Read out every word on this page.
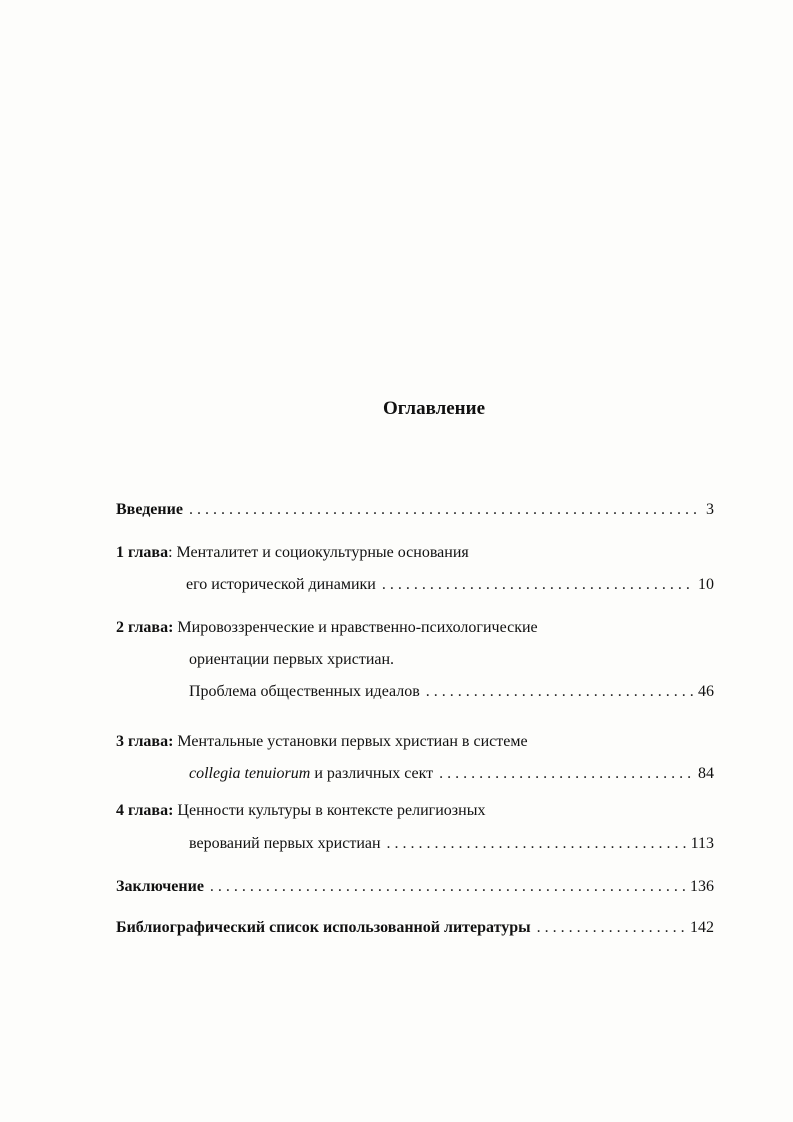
Оглавление
Введение . . .	3
1 глава : Менталитет и социокультурные основания
его исторической динамики . . .	10
2 глава: Мировоззренческие и нравственно-психологические
ориентации первых христиан.
Проблема общественных идеалов . . .	46
3 глава: Ментальные установки первых христиан в системе
collegia tenuiorum и различных сект . . .	84
4 глава: Ценности культуры в контексте религиозных
верований первых христиан . . .	113
Заключение . . .	136
Библиографический список использованной литературы . . .	142
